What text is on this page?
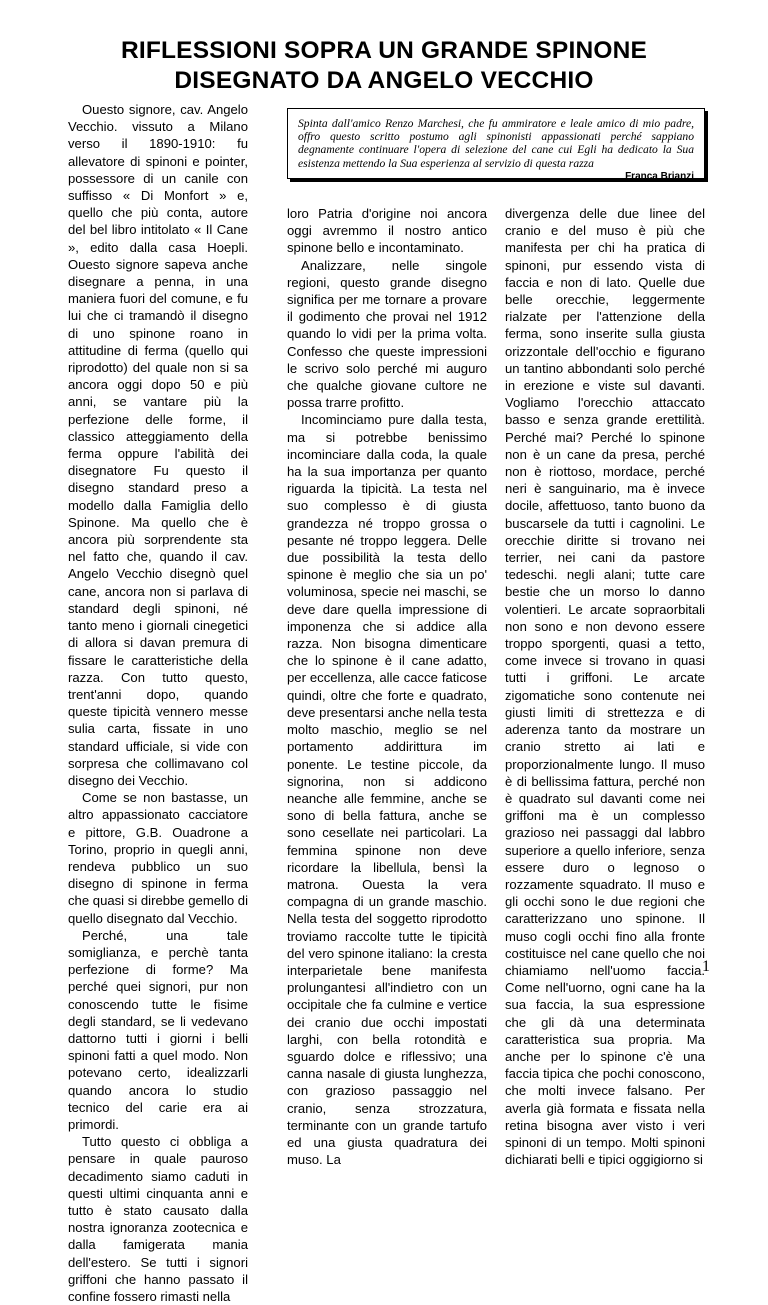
RIFLESSIONI SOPRA UN GRANDE SPINONE
DISEGNATO DA ANGELO VECCHIO

Ouesto signore, cav. Angelo Vecchio. vissuto a Milano verso il 1890-1910: fu allevatore di spinoni e pointer, possessore di un canile con suffisso « Di Monfort » e, quello che più conta, autore del bel libro intitolato « Il Cane », edito dalla casa Hoepli. Ouesto signore sapeva anche disegnare a penna, in una maniera fuori del comune, e fu lui che ci tramandò il disegno di uno spinone roano in attitudine di ferma (quello qui riprodotto) del quale non si sa ancora oggi dopo 50 e più anni, se vantare più la perfezione delle forme, il classico atteggiamento della ferma oppure l'abilità dei disegnatore Fu questo il disegno standard preso a modello dalla Famiglia dello Spinone. Ma quello che è ancora più sorprendente sta nel fatto che, quando il cav. Angelo Vecchio disegnò quel cane, ancora non si parlava di standard degli spinoni, né tanto meno i giornali cinegetici di allora si davan premura di fissare le caratteristiche della razza. Con tutto questo, trent'anni dopo, quando queste tipicità vennero messe sulia carta, fissate in uno standard ufficiale, si vide con sorpresa che collimavano col disegno dei Vecchio.

Come se non bastasse, un altro appassionato cacciatore e pittore, G.B. Ouadrone a Torino, proprio in quegli anni, rendeva pubblico un suo disegno di spinone in ferma che quasi si direbbe gemello di quello disegnato dal Vecchio.

Perché, una tale somiglianza, e perchè tanta perfezione di forme? Ma perché quei signori, pur non conoscendo tutte le fisime degli standard, se li vedevano dattorno tutti i giorni i belli spinoni fatti a quel modo. Non potevano certo, idealizzarli quando ancora lo studio tecnico del carie era ai primordi.

Tutto questo ci obbliga a pensare in quale pauroso decadimento siamo caduti in questi ultimi cinquanta anni e tutto è stato causato dalla nostra ignoranza zootecnica e dalla famigerata mania dell'estero. Se tutti i signori griffoni che hanno passato il confine fossero rimasti nella

Spinta dall'amico Renzo Marchesi, che fu ammiratore e leale amico di mio padre, offro questo scritto postumo agli spinonisti appassionati perché sappiano degnamente continuare l'opera di selezione del cane cui Egli ha dedicato la Sua esistenza mettendo la Sua esperienza al servizio di questa razza

Franca Brianzi

loro Patria d'origine noi ancora oggi avremmo il nostro antico spinone bello e incontaminato.

Analizzare, nelle singole regioni, questo grande disegno significa per me tornare a provare il godimento che provai nel 1912 quando lo vidi per la prima volta. Confesso che queste impressioni le scrivo solo perché mi auguro che qualche giovane cultore ne possa trarre profitto.

Incominciamo pure dalla testa, ma si potrebbe benissimo incominciare dalla coda, la quale ha la sua importanza per quanto riguarda la tipicità. La testa nel suo complesso è di giusta grandezza né troppo grossa o pesante né troppo leggera. Delle due possibilità la testa dello spinone è meglio che sia un po' voluminosa, specie nei maschi, se deve dare quella impressione di imponenza che si addice alla razza. Non bisogna dimenticare che lo spinone è il cane adatto, per eccellenza, alle cacce faticose quindi, oltre che forte e quadrato, deve presentarsi anche nella testa molto maschio, meglio se nel portamento addirittura im ponente. Le testine piccole, da signorina, non si addicono neanche alle femmine, anche se sono di bella fattura, anche se sono cesellate nei particolari. La femmina spinone non deve ricordare la libellula, bensì la matrona. Ouesta la vera compagna di un grande maschio. Nella testa del soggetto riprodotto troviamo raccolte tutte le tipicità del vero spinone italiano: la cresta interparietale bene manifesta prolungantesi all'indietro con un occipitale che fa culmine e vertice dei cranio due occhi impostati larghi, con bella rotondità e sguardo dolce e riflessivo; una canna nasale di giusta lunghezza, con grazioso passaggio nel cranio, senza strozzatura, terminante con un grande tartufo ed una giusta quadratura dei muso. La

divergenza delle due linee del cranio e del muso è più che manifesta per chi ha pratica di spinoni, pur essendo vista di faccia e non di lato. Quelle due belle orecchie, leggermente rialzate per l'attenzione della ferma, sono inserite sulla giusta orizzontale dell'occhio e figurano un tantino abbondanti solo perché in erezione e viste sul davanti. Vogliamo l'orecchio attaccato basso e senza grande erettilità. Perché mai? Perché lo spinone non è un cane da presa, perché non è riottoso, mordace, perché neri è sanguinario, ma è invece docile, affettuoso, tanto buono da buscarsele da tutti i cagnolini. Le orecchie diritte si trovano nei terrier, nei cani da pastore tedeschi. negli alani; tutte care bestie che un morso lo danno volentieri. Le arcate sopraorbitali non sono e non devono essere troppo sporgenti, quasi a tetto, come invece si trovano in quasi tutti i griffoni. Le arcate zigomatiche sono contenute nei giusti limiti di strettezza e di aderenza tanto da mostrare un cranio stretto ai lati e proporzionalmente lungo. Il muso è di bellissima fattura, perché non è quadrato sul davanti come nei griffoni ma è un complesso grazioso nei passaggi dal labbro superiore a quello inferiore, senza essere duro o legnoso o rozzamente squadrato. Il muso e gli occhi sono le due regioni che caratterizzano uno spinone. Il muso cogli occhi fino alla fronte costituisce nel cane quello che noi chiamiamo nell'uomo faccia. Come nell'uorno, ogni cane ha la sua faccia, la sua espressione che gli dà una determinata caratteristica sua propria. Ma anche per lo spinone c'è una faccia tipica che pochi conoscono, che molti invece falsano. Per averla già formata e fissata nella retina bisogna aver visto i veri spinoni di un tempo. Molti spinoni dichiarati belli e tipici oggigiorno si

1
